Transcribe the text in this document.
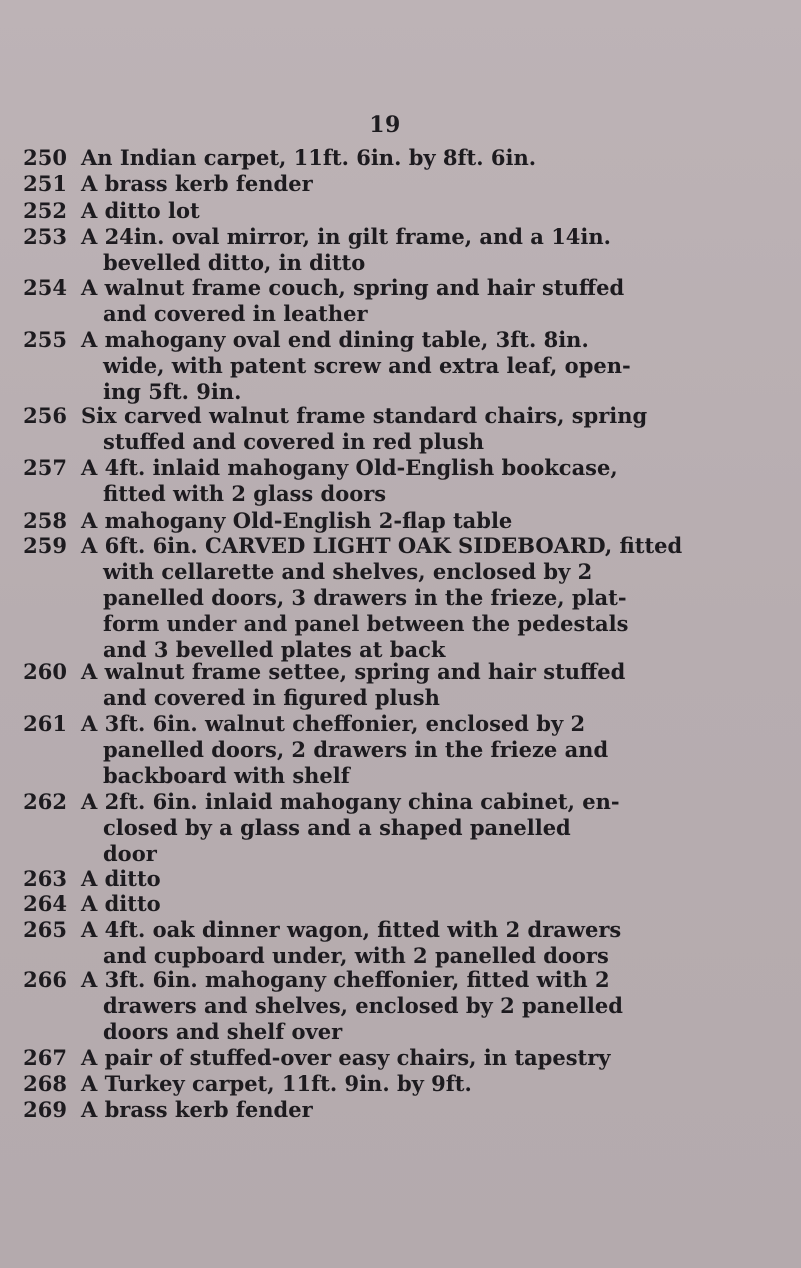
19
250 An Indian carpet, 11ft. 6in. by 8ft. 6in.
251 A brass kerb fender
252 A ditto lot
253 A 24in. oval mirror, in gilt frame, and a 14in.
bevelled ditto, in ditto
254 A walnut frame couch, spring and hair stuffed
and covered in leather
255 A mahogany oval end dining table, 3ft. 8in.
wide, with patent screw and extra leaf, open-
ing 5ft. 9in.
256 Six carved walnut frame standard chairs, spring
stuffed and covered in red plush
257 A 4ft. inlaid mahogany Old-English bookcase,
fitted with 2 glass doors
258 A mahogany Old-English 2-flap table
259 A 6ft. 6in. CARVED LIGHT OAK SIDEBOARD, fitted
with cellarette and shelves, enclosed by 2
panelled doors, 3 drawers in the frieze, plat-
form under and panel between the pedestals
and 3 bevelled plates at back
260 A walnut frame settee, spring and hair stuffed
and covered in figured plush
261 A 3ft. 6in. walnut cheffonier, enclosed by 2
panelled doors, 2 drawers in the frieze and
backboard with shelf
262 A 2ft. 6in. inlaid mahogany china cabinet, en-
closed by a glass and a shaped panelled
door
263 A ditto
264 A ditto
265 A 4ft. oak dinner wagon, fitted with 2 drawers
and cupboard under, with 2 panelled doors
266 A 3ft. 6in. mahogany cheffonier, fitted with 2
drawers and shelves, enclosed by 2 panelled
doors and shelf over
267 A pair of stuffed-over easy chairs, in tapestry
268 A Turkey carpet, 11ft. 9in. by 9ft.
269 A brass kerb fender
